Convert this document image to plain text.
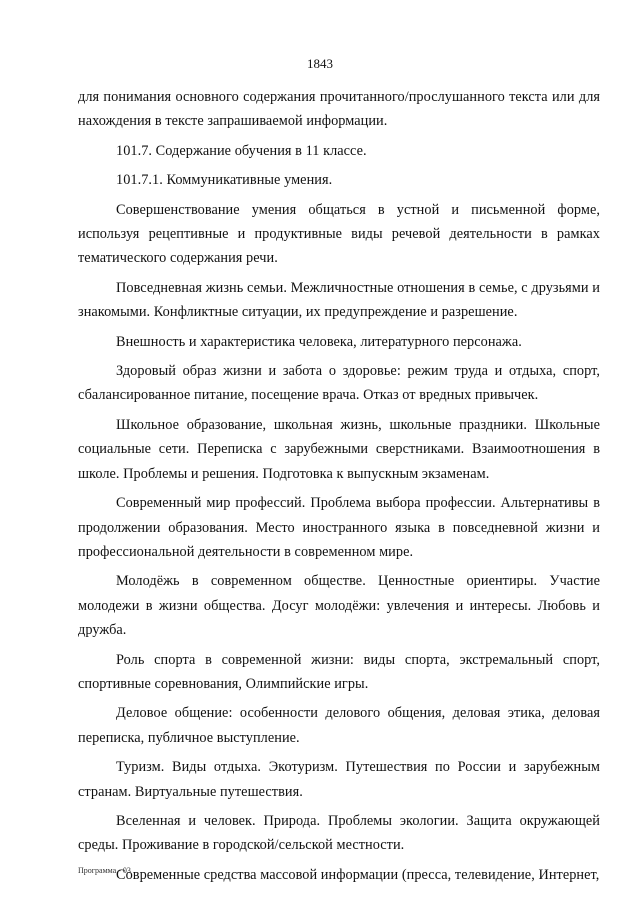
1843

для понимания основного содержания прочитанного/прослушанного текста или для нахождения в тексте запрашиваемой информации.

101.7. Содержание обучения в 11 классе.

101.7.1. Коммуникативные умения.

Совершенствование умения общаться в устной и письменной форме, используя рецептивные и продуктивные виды речевой деятельности в рамках тематического содержания речи.

Повседневная жизнь семьи. Межличностные отношения в семье, с друзьями и знакомыми. Конфликтные ситуации, их предупреждение и разрешение.

Внешность и характеристика человека, литературного персонажа.

Здоровый образ жизни и забота о здоровье: режим труда и отдыха, спорт, сбалансированное питание, посещение врача. Отказ от вредных привычек.

Школьное образование, школьная жизнь, школьные праздники. Школьные социальные сети. Переписка с зарубежными сверстниками. Взаимоотношения в школе. Проблемы и решения. Подготовка к выпускным экзаменам.

Современный мир профессий. Проблема выбора профессии. Альтернативы в продолжении образования. Место иностранного языка в повседневной жизни и профессиональной деятельности в современном мире.

Молодёжь в современном обществе. Ценностные ориентиры. Участие молодежи в жизни общества. Досуг молодёжи: увлечения и интересы. Любовь и дружба.

Роль спорта в современной жизни: виды спорта, экстремальный спорт, спортивные соревнования, Олимпийские игры.

Деловое общение: особенности делового общения, деловая этика, деловая переписка, публичное выступление.

Туризм. Виды отдыха. Экотуризм. Путешествия по России и зарубежным странам. Виртуальные путешествия.

Вселенная и человек. Природа. Проблемы экологии. Защита окружающей среды. Проживание в городской/сельской местности.

Современные средства массовой информации (пресса, телевидение, Интернет,

Программа - 03
